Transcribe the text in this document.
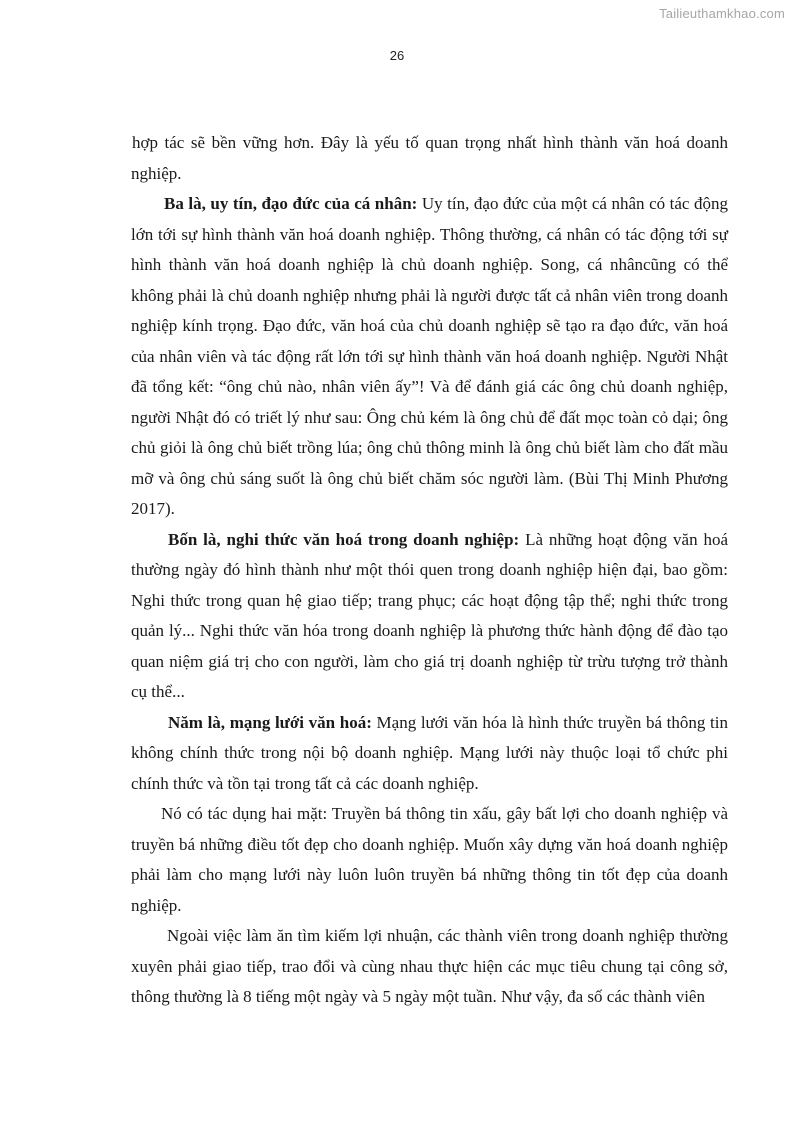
Tailieuthamkhao.com
26

hợp tác sẽ bền vững hơn. Đây là yếu tố quan trọng nhất hình thành văn hoá doanh nghiệp.

Ba là, uy tín, đạo đức của cá nhân: Uy tín, đạo đức của một cá nhân có tác động lớn tới sự hình thành văn hoá doanh nghiệp. Thông thường, cá nhân có tác động tới sự hình thành văn hoá doanh nghiệp là chủ doanh nghiệp. Song, cá nhâncũng có thể không phải là chủ doanh nghiệp nhưng phải là người được tất cả nhân viên trong doanh nghiệp kính trọng. Đạo đức, văn hoá của chủ doanh nghiệp sẽ tạo ra đạo đức, văn hoá của nhân viên và tác động rất lớn tới sự hình thành văn hoá doanh nghiệp. Người Nhật đã tổng kết: “ông chủ nào, nhân viên ấy”! Và để đánh giá các ông chủ doanh nghiệp, người Nhật đó có triết lý như sau: Ông chủ kém là ông chủ để đất mọc toàn cỏ dại; ông chủ giỏi là ông chủ biết trồng lúa; ông chủ thông minh là ông chủ biết làm cho đất mầu mỡ và ông chủ sáng suốt là ông chủ biết chăm sóc người làm. (Bùi Thị Minh Phương 2017).

Bốn là, nghi thức văn hoá trong doanh nghiệp: Là những hoạt động văn hoá thường ngày đó hình thành như một thói quen trong doanh nghiệp hiện đại, bao gồm: Nghi thức trong quan hệ giao tiếp; trang phục; các hoạt động tập thể; nghi thức trong quản lý... Nghi thức văn hóa trong doanh nghiệp là phương thức hành động để đào tạo quan niệm giá trị cho con người, làm cho giá trị doanh nghiệp từ trừu tượng trở thành cụ thể...

Năm là, mạng lưới văn hoá: Mạng lưới văn hóa là hình thức truyền bá thông tin không chính thức trong nội bộ doanh nghiệp. Mạng lưới này thuộc loại tổ chức phi chính thức và tồn tại trong tất cả các doanh nghiệp.

Nó có tác dụng hai mặt: Truyền bá thông tin xấu, gây bất lợi cho doanh nghiệp và truyền bá những điều tốt đẹp cho doanh nghiệp. Muốn xây dựng văn hoá doanh nghiệp phải làm cho mạng lưới này luôn luôn truyền bá những thông tin tốt đẹp của doanh nghiệp.

Ngoài việc làm ăn tìm kiếm lợi nhuận, các thành viên trong doanh nghiệp thường xuyên phải giao tiếp, trao đổi và cùng nhau thực hiện các mục tiêu chung tại công sở, thông thường là 8 tiếng một ngày và 5 ngày một tuần. Như vậy, đa số các thành viên
